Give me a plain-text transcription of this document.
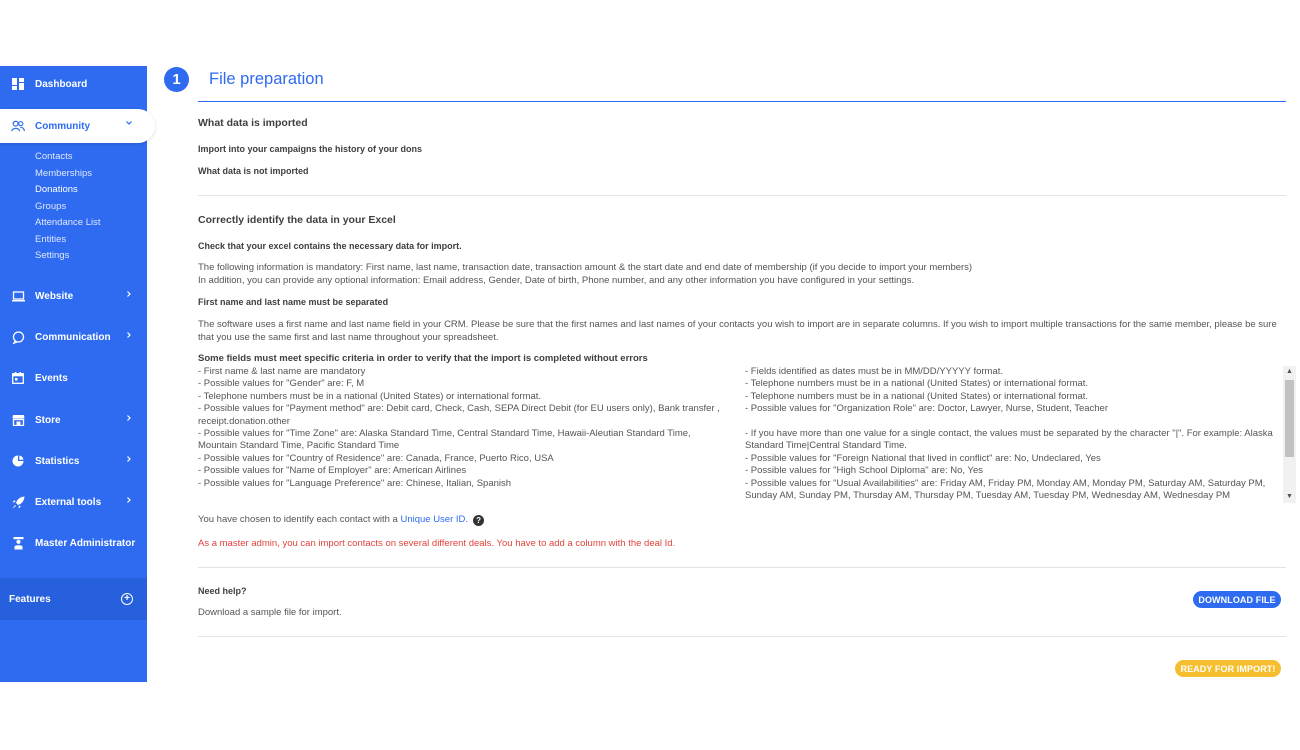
Dashboard
Community
Contacts
Memberships
Donations
Groups
Attendance List
Entities
Settings
Website
Communication
Events
Store
Statistics
External tools
Master Administrator
Features	+
1	File preparation
What data is imported
Import into your campaigns the history of your dons
What data is not imported
Correctly identify the data in your Excel
Check that your excel contains the necessary data for import.
The following information is mandatory: First name, last name, transaction date, transaction amount & the start date and end date of membership (if you decide to import your members)
In addition, you can provide any optional information: Email address, Gender, Date of birth, Phone number, and any other information you have configured in your settings.
First name and last name must be separated
The software uses a first name and last name field in your CRM. Please be sure that the first names and last names of your contacts you wish to import are in separate columns. If you wish to import multiple transactions for the same member, please be sure that you use the same first and last name throughout your spreadsheet.
Some fields must meet specific criteria in order to verify that the import is completed without errors
- First name & last name are mandatory
- Possible values for "Gender" are: F, M
- Telephone numbers must be in a national (United States) or international format.
- Possible values for "Payment method" are: Debit card, Check, Cash, SEPA Direct Debit (for EU users only), Bank transfer , receipt.donation.other
- Possible values for "Time Zone" are: Alaska Standard Time, Central Standard Time, Hawaii-Aleutian Standard Time, Mountain Standard Time, Pacific Standard Time
- Possible values for "Country of Residence" are: Canada, France, Puerto Rico, USA
- Possible values for "Name of Employer" are: American Airlines
- Possible values for "Language Preference" are: Chinese, Italian, Spanish
- Fields identified as dates must be in MM/DD/YYYYY format.
- Telephone numbers must be in a national (United States) or international format.
- Telephone numbers must be in a national (United States) or international format.
- Possible values for "Organization Role" are: Doctor, Lawyer, Nurse, Student, Teacher
- If you have more than one value for a single contact, the values must be separated by the character "|". For example: Alaska Standard Time|Central Standard Time.
- Possible values for "Foreign National that lived in conflict" are: No, Undeclared, Yes
- Possible values for "High School Diploma" are: No, Yes
- Possible values for "Usual Availabilities" are: Friday AM, Friday PM, Monday AM, Monday PM, Saturday AM, Saturday PM, Sunday AM, Sunday PM, Thursday AM, Thursday PM, Tuesday AM, Tuesday PM, Wednesday AM, Wednesday PM
▲
▼
You have chosen to identify each contact with a Unique User ID. ?
As a master admin, you can import contacts on several different deals. You have to add a column with the deal Id.
Need help?
Download a sample file for import.
DOWNLOAD FILE
READY FOR IMPORT!
